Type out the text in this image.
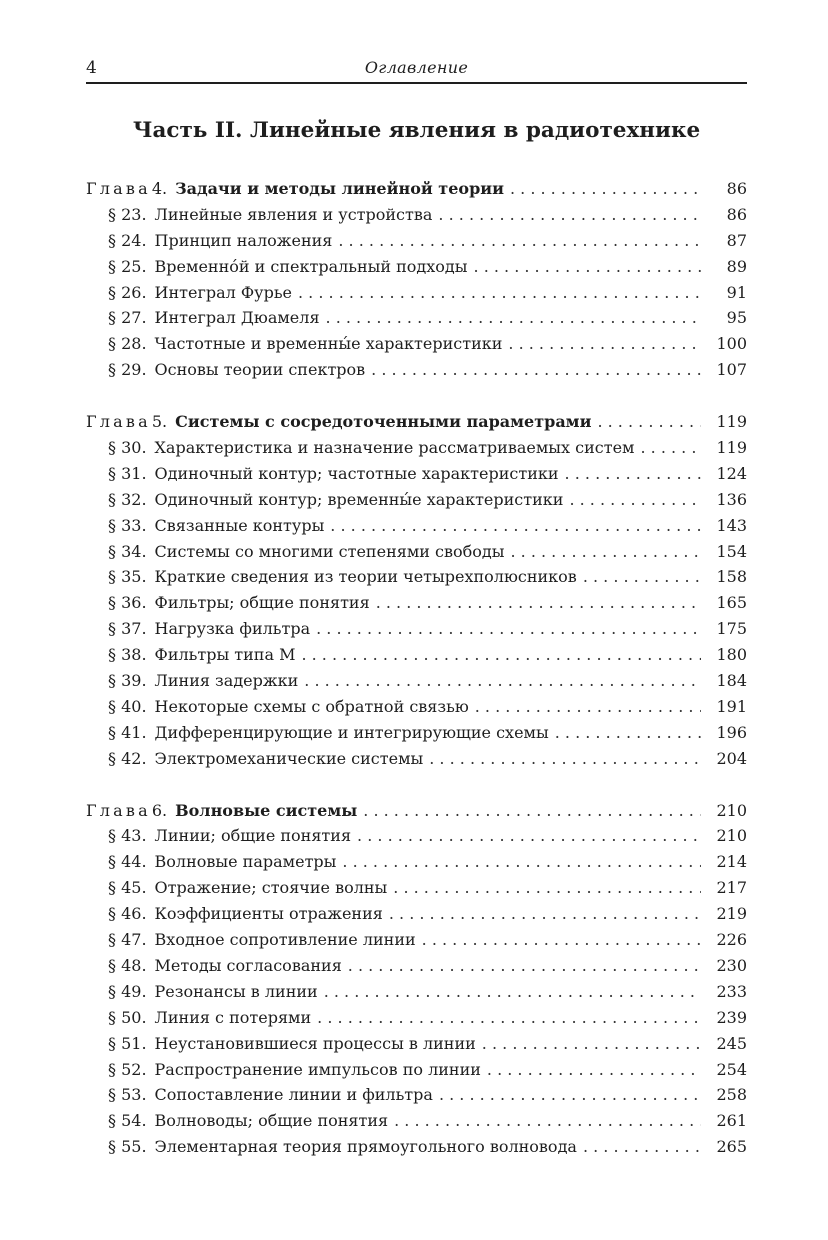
4	Оглавление
Часть II. Линейные явления в радиотехнике
Глава 4. Задачи и методы линейной теории . . .	86
§ 23. Линейные явления и устройства . . .	86
§ 24. Принцип наложения . . .	87
§ 25. Временно́й и спектральный подходы . . .	89
§ 26. Интеграл Фурье . . .	91
§ 27. Интеграл Дюамеля . . .	95
§ 28. Частотные и временны́е характеристики . . .	100
§ 29. Основы теории спектров . . .	107
Глава 5. Системы с сосредоточенными параметрами . . .	119
§ 30. Характеристика и назначение рассматриваемых систем . . .	119
§ 31. Одиночный контур; частотные характеристики . . .	124
§ 32. Одиночный контур; временны́е характеристики . . .	136
§ 33. Связанные контуры . . .	143
§ 34. Системы со многими степенями свободы . . .	154
§ 35. Краткие сведения из теории четырехполюсников . . .	158
§ 36. Фильтры; общие понятия . . .	165
§ 37. Нагрузка фильтра . . .	175
§ 38. Фильтры типа M . . .	180
§ 39. Линия задержки . . .	184
§ 40. Некоторые схемы с обратной связью . . .	191
§ 41. Дифференцирующие и интегрирующие схемы . . .	196
§ 42. Электромеханические системы . . .	204
Глава 6. Волновые системы . . .	210
§ 43. Линии; общие понятия . . .	210
§ 44. Волновые параметры . . .	214
§ 45. Отражение; стоячие волны . . .	217
§ 46. Коэффициенты отражения . . .	219
§ 47. Входное сопротивление линии . . .	226
§ 48. Методы согласования . . .	230
§ 49. Резонансы в линии . . .	233
§ 50. Линия с потерями . . .	239
§ 51. Неустановившиеся процессы в линии . . .	245
§ 52. Распространение импульсов по линии . . .	254
§ 53. Сопоставление линии и фильтра . . .	258
§ 54. Волноводы; общие понятия . . .	261
§ 55. Элементарная теория прямоугольного волновода . . .	265
